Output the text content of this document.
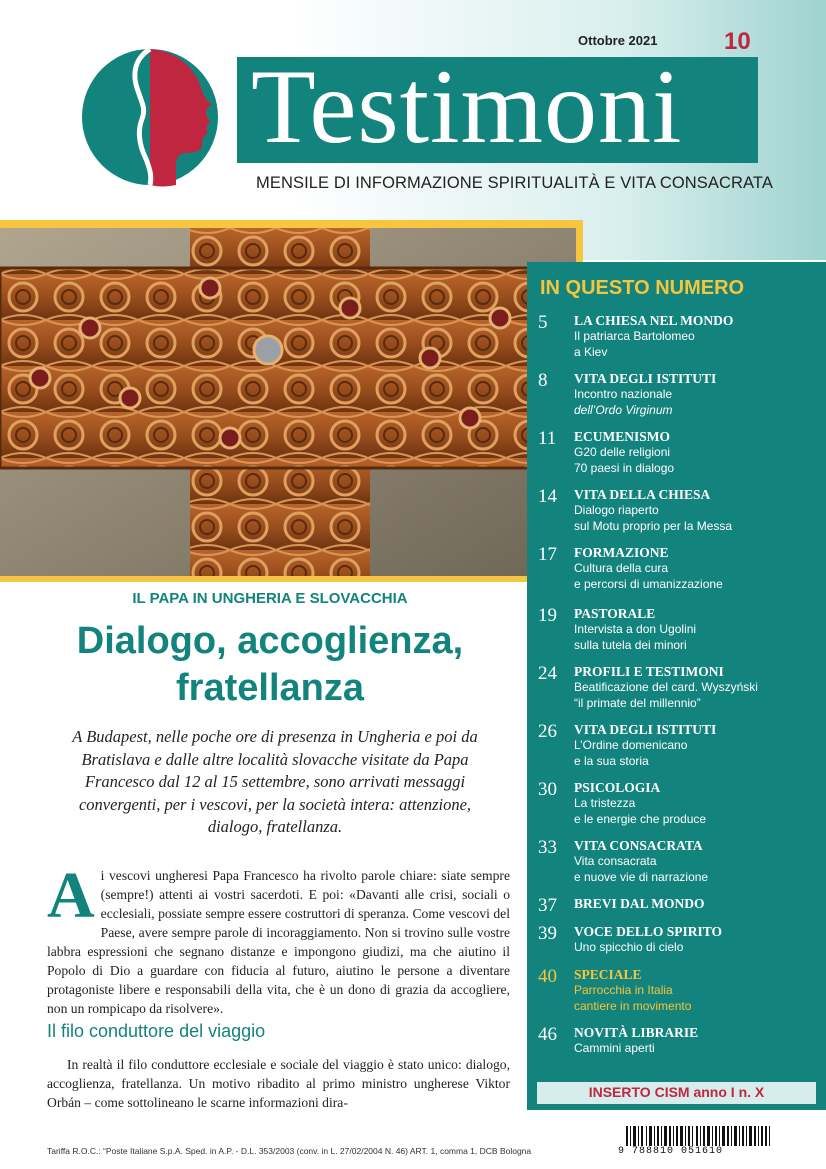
Ottobre 2021	10
Testimoni
MENSILE DI INFORMAZIONE SPIRITUALITÀ E VITA CONSACRATA
IL PAPA IN UNGHERIA E SLOVACCHIA
Dialogo, accoglienza,
fratellanza
A Budapest, nelle poche ore di presenza in Ungheria e poi da Bratislava e dalle altre località slovacche visitate da Papa Francesco dal 12 al 15 settembre, sono arrivati messaggi convergenti, per i vescovi, per la società intera: attenzione, dialogo, fratellanza.
A i vescovi ungheresi Papa Francesco ha rivolto parole chiare: siate sempre (sempre!) attenti ai vostri sacerdoti. E poi: «Davanti alle crisi, sociali o ecclesiali, possiate sempre essere costruttori di speranza. Come vescovi del Paese, avere sempre parole di incoraggiamento. Non si trovino sulle vostre labbra espressioni che segnano distanze e impongono giudizi, ma che aiutino il Popolo di Dio a guardare con fiducia al futuro, aiutino le persone a diventare protagoniste libere e responsabili della vita, che è un dono di grazia da accogliere, non un rompicapo da risolvere».
Il filo conduttore del viaggio
In realtà il filo conduttore ecclesiale e sociale del viaggio è stato unico: dialogo, accoglienza, fratellanza. Un motivo ribadito al primo ministro ungherese Viktor Orbán – come sottolineano le scarne informazioni dira-
IN QUESTO NUMERO
5	LA CHIESA NEL MONDO
Il patriarca Bartolomeo
a Kiev
8	VITA DEGLI ISTITUTI
Incontro nazionale
dell’Ordo Virginum
11	ECUMENISMO
G20 delle religioni
70 paesi in dialogo
14	VITA DELLA CHIESA
Dialogo riaperto
sul Motu proprio per la Messa
17	FORMAZIONE
Cultura della cura
e percorsi di umanizzazione
19	PASTORALE
Intervista a don Ugolini
sulla tutela dei minori
24	PROFILI E TESTIMONI
Beatificazione del card. Wyszyński
“il primate del millennio”
26	VITA DEGLI ISTITUTI
L’Ordine domenicano
e la sua storia
30	PSICOLOGIA
La tristezza
e le energie che produce
33	VITA CONSACRATA
Vita consacrata
e nuove vie di narrazione
37	BREVI DAL MONDO
39	VOCE DELLO SPIRITO
Uno spicchio di cielo
40	SPECIALE
Parrocchia in Italia
cantiere in movimento
46	NOVITÀ LIBRARIE
Cammini aperti
INSERTO CISM anno I n. X
Tariffa R.O.C.: “Poste Italiane S.p.A. Sped. in A.P. - D.L. 353/2003 (conv. in L. 27/02/2004 N. 46) ART. 1, comma 1, DCB Bologna	9 788810 051610
